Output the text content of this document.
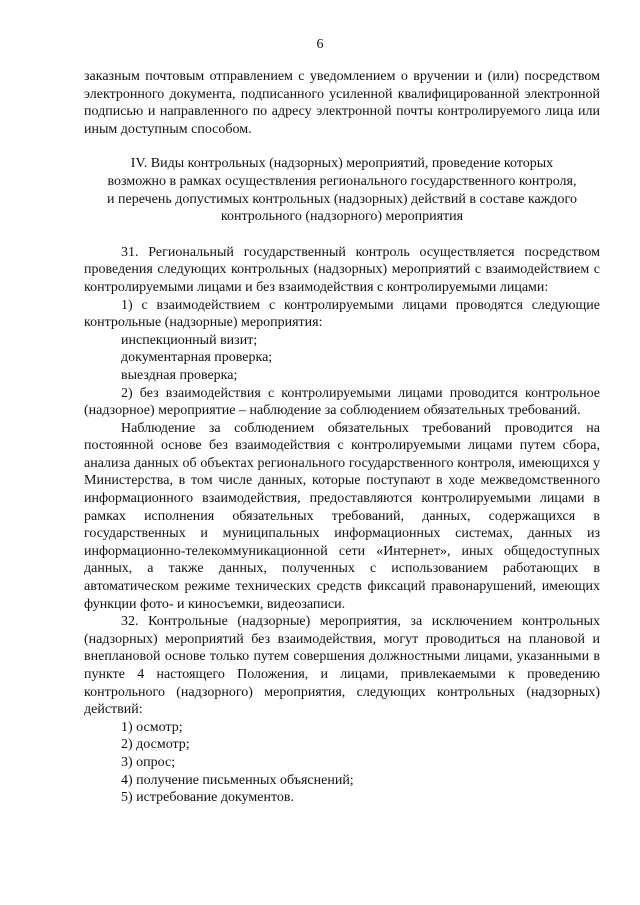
6

заказным почтовым отправлением с уведомлением о вручении и (или) посредством электронного документа, подписанного усиленной квалифицированной электронной подписью и направленного по адресу электронной почты контролируемого лица или иным доступным способом.

IV. Виды контрольных (надзорных) мероприятий, проведение которых возможно в рамках осуществления регионального государственного контроля, и перечень допустимых контрольных (надзорных) действий в составе каждого контрольного (надзорного) мероприятия

31. Региональный государственный контроль осуществляется посредством проведения следующих контрольных (надзорных) мероприятий с взаимодействием с контролируемыми лицами и без взаимодействия с контролируемыми лицами:

1) с взаимодействием с контролируемыми лицами проводятся следующие контрольные (надзорные) мероприятия:

инспекционный визит;

документарная проверка;

выездная проверка;

2) без взаимодействия с контролируемыми лицами проводится контрольное (надзорное) мероприятие – наблюдение за соблюдением обязательных требований.

Наблюдение за соблюдением обязательных требований проводится на постоянной основе без взаимодействия с контролируемыми лицами путем сбора, анализа данных об объектах регионального государственного контроля, имеющихся у Министерства, в том числе данных, которые поступают в ходе межведомственного информационного взаимодействия, предоставляются контролируемыми лицами в рамках исполнения обязательных требований, данных, содержащихся в государственных и муниципальных информационных системах, данных из информационно-телекоммуникационной сети «Интернет», иных общедоступных данных, а также данных, полученных с использованием работающих в автоматическом режиме технических средств фиксаций правонарушений, имеющих функции фото- и киносъемки, видеозаписи.

32. Контрольные (надзорные) мероприятия, за исключением контрольных (надзорных) мероприятий без взаимодействия, могут проводиться на плановой и внеплановой основе только путем совершения должностными лицами, указанными в пункте 4 настоящего Положения, и лицами, привлекаемыми к проведению контрольного (надзорного) мероприятия, следующих контрольных (надзорных) действий:

1) осмотр;

2) досмотр;

3) опрос;

4) получение письменных объяснений;

5) истребование документов.
